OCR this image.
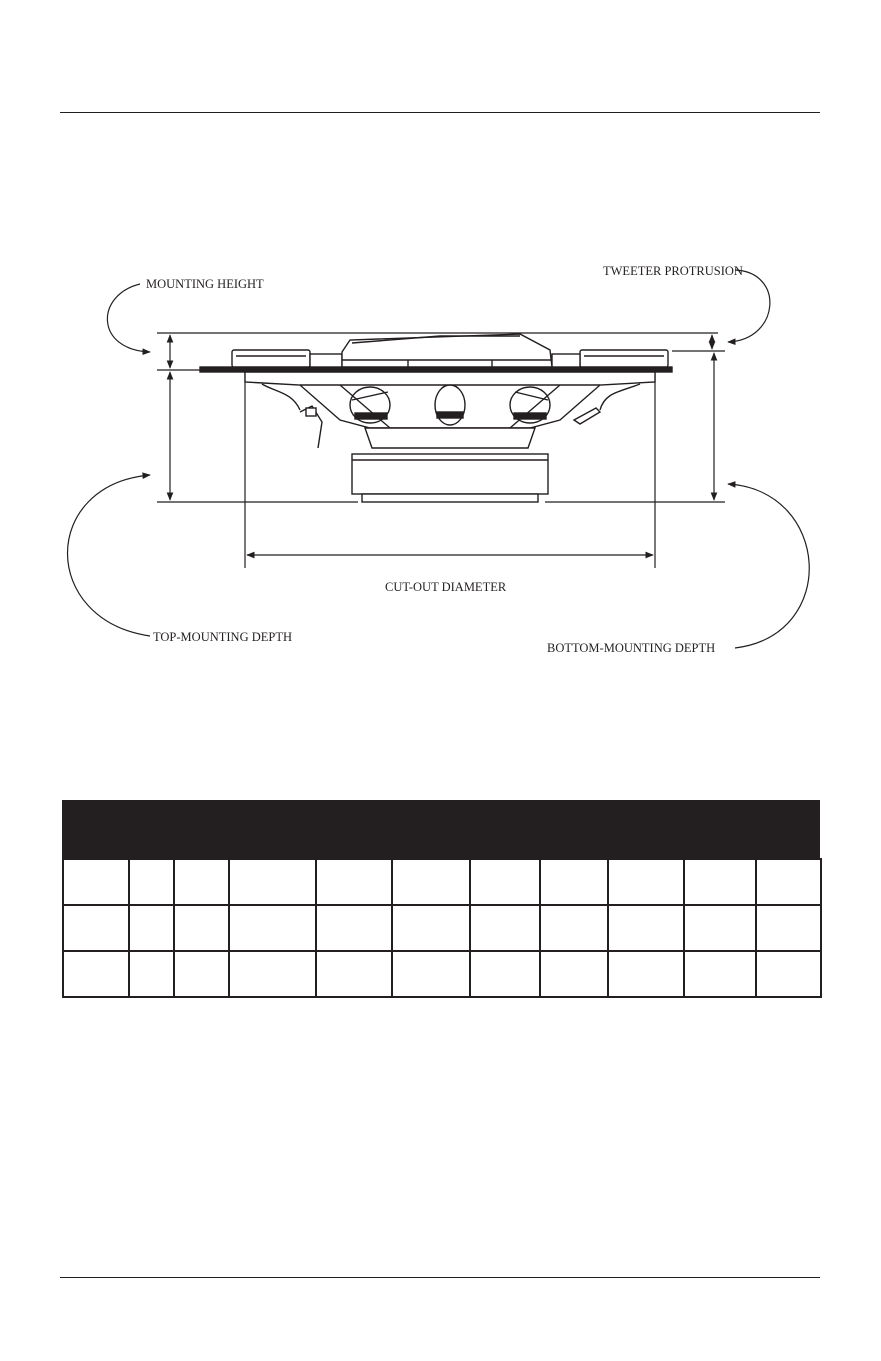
MOUNTING HEIGHT
TWEETER PROTRUSION
CUT-OUT DIAMETER
TOP-MOUNTING DEPTH
BOTTOM-MOUNTING DEPTH
